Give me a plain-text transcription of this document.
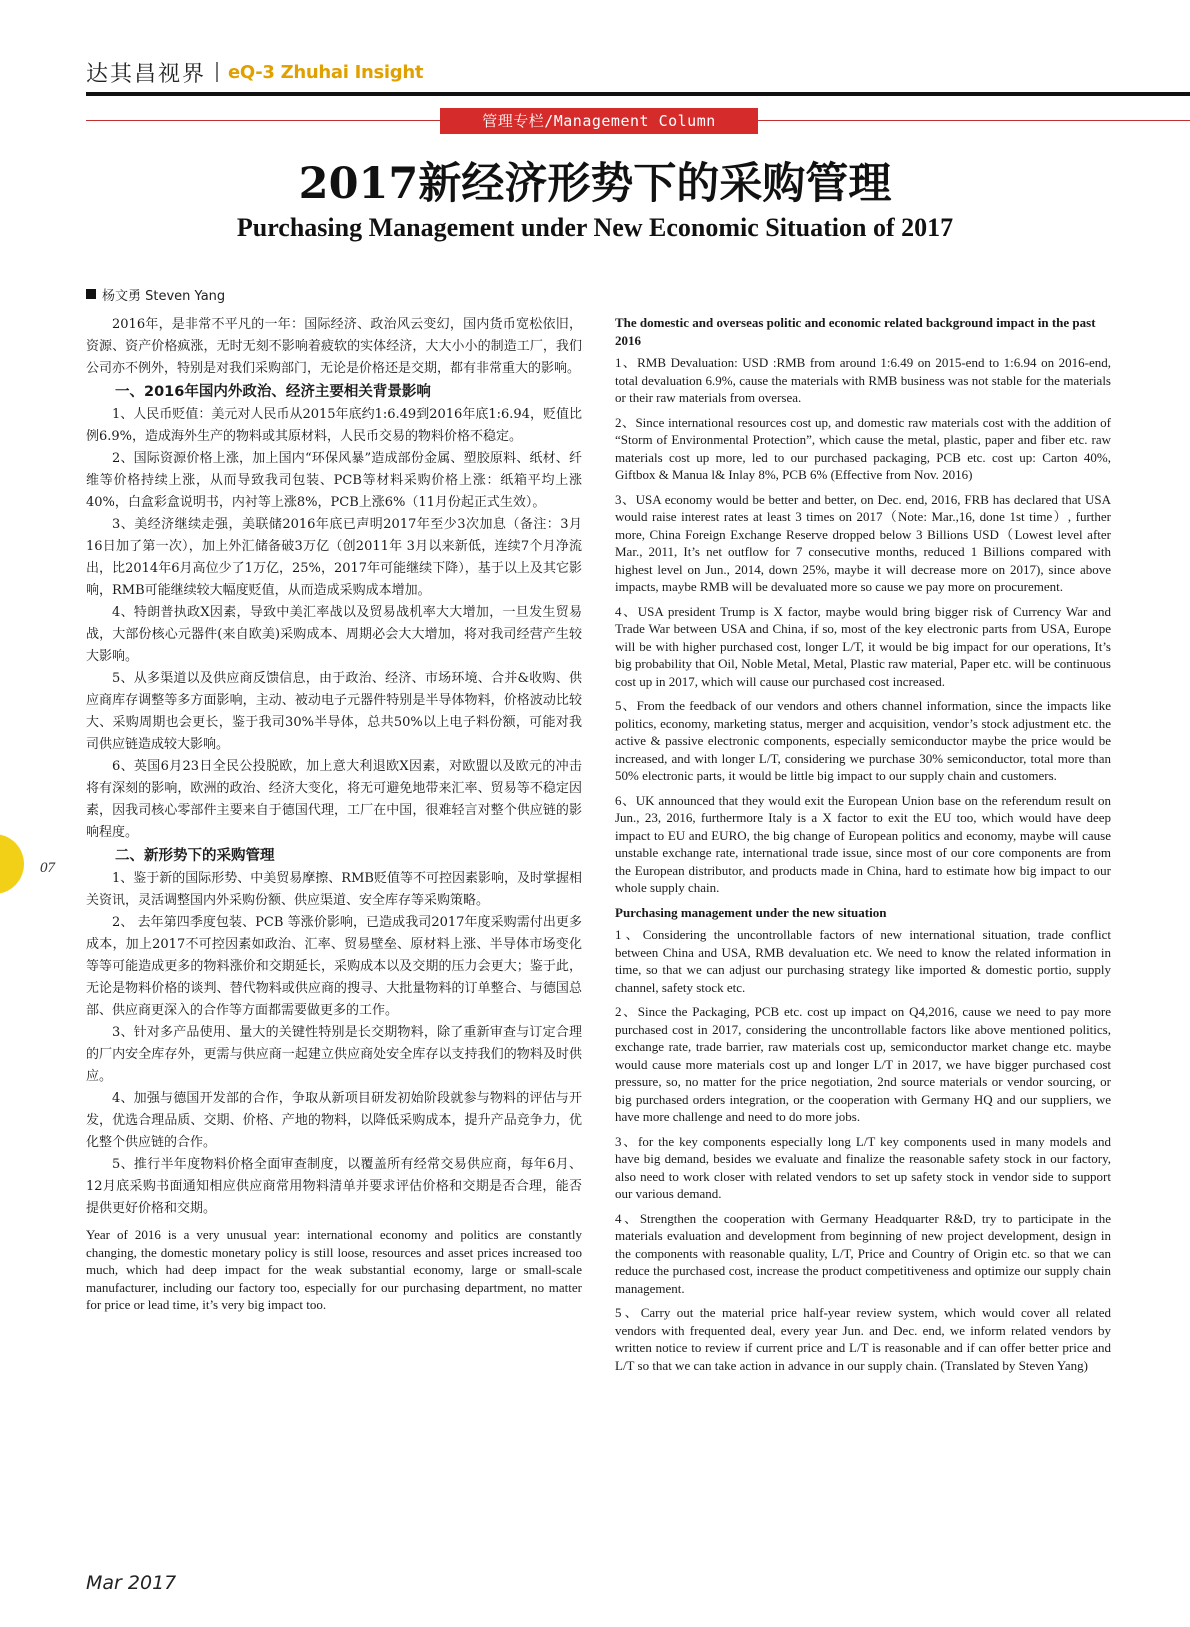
达其昌视界 eQ-3 Zhuhai Insight
管理专栏/Management Column
2017新经济形势下的采购管理
Purchasing Management under New Economic Situation of 2017
杨文勇 Steven Yang

2016年，是非常不平凡的一年：国际经济、政治风云变幻，国内货币宽松依旧，资源、资产价格疯涨，无时无刻不影响着疲软的实体经济，大大小小的制造工厂，我们公司亦不例外，特别是对我们采购部门，无论是价格还是交期，都有非常重大的影响。

一、2016年国内外政治、经济主要相关背景影响

1、人民币贬值：美元对人民币从2015年底约1:6.49到2016年底1:6.94，贬值比例6.9%，造成海外生产的物料或其原材料，人民币交易的物料价格不稳定。

2、国际资源价格上涨，加上国内“环保风暴”造成部份金属、塑胶原料、纸材、纤维等价格持续上涨，从而导致我司包装、PCB等材料采购价格上涨：纸箱平均上涨40%，白盒彩盒说明书，内衬等上涨8%，PCB上涨6%（11月份起正式生效）。

3、美经济继续走强，美联储2016年底已声明2017年至少3次加息（备注：3月16日加了第一次），加上外汇储备破3万亿（创2011年 3月以来新低，连续7个月净流出，比2014年6月高位少了1万亿，25%，2017年可能继续下降），基于以上及其它影响，RMB可能继续较大幅度贬值，从而造成采购成本增加。

4、特朗普执政X因素，导致中美汇率战以及贸易战机率大大增加，一旦发生贸易战，大部份核心元器件(来自欧美)采购成本、周期必会大大增加，将对我司经营产生较大影响。

5、从多渠道以及供应商反馈信息，由于政治、经济、市场环境、合并&收购、供应商库存调整等多方面影响，主动、被动电子元器件特别是半导体物料，价格波动比较大、采购周期也会更长，鉴于我司30%半导体，总共50%以上电子料份额，可能对我司供应链造成较大影响。

6、英国6月23日全民公投脱欧，加上意大利退欧X因素，对欧盟以及欧元的冲击将有深刻的影响，欧洲的政治、经济大变化，将无可避免地带来汇率、贸易等不稳定因素，因我司核心零部件主要来自于德国代理，工厂在中国，很难轻言对整个供应链的影响程度。

二、新形势下的采购管理

1、鉴于新的国际形势、中美贸易摩擦、RMB贬值等不可控因素影响，及时掌握相关资讯，灵活调整国内外采购份额、供应渠道、安全库存等采购策略。

2、 去年第四季度包装、PCB 等涨价影响，已造成我司2017年度采购需付出更多成本，加上2017不可控因素如政治、汇率、贸易壁垒、原材料上涨、半导体市场变化等等可能造成更多的物料涨价和交期延长，采购成本以及交期的压力会更大；鉴于此，无论是物料价格的谈判、替代物料或供应商的搜寻、大批量物料的订单整合、与德国总部、供应商更深入的合作等方面都需要做更多的工作。

3、针对多产品使用、量大的关键性特别是长交期物料，除了重新审查与订定合理的厂内安全库存外，更需与供应商一起建立供应商处安全库存以支持我们的物料及时供应。

4、加强与德国开发部的合作，争取从新项目研发初始阶段就参与物料的评估与开发，优选合理品质、交期、价格、产地的物料，以降低采购成本，提升产品竞争力，优化整个供应链的合作。

5、推行半年度物料价格全面审查制度，以覆盖所有经常交易供应商，每年6月、12月底采购书面通知相应供应商常用物料清单并要求评估价格和交期是否合理，能否提供更好价格和交期。

Year of 2016 is a very unusual year: international economy and politics are constantly changing, the domestic monetary policy is still loose, resources and asset prices increased too much, which had deep impact for the weak substantial economy, large or small-scale manufacturer, including our factory too, especially for our purchasing department, no matter for price or lead time, it’s very big impact too.

The domestic and overseas politic and economic related background impact in the past 2016

1、RMB Devaluation: USD :RMB from around 1:6.49 on 2015-end to 1:6.94 on 2016-end, total devaluation 6.9%, cause the materials with RMB business was not stable for the materials or their raw materials from oversea.

2、Since international resources cost up, and domestic raw materials cost with the addition of “Storm of Environmental Protection”, which cause the metal, plastic, paper and fiber etc. raw materials cost up more, led to our purchased packaging, PCB etc. cost up: Carton 40%, Giftbox & Manua l& Inlay 8%, PCB 6% (Effective from Nov. 2016)

3、USA economy would be better and better, on Dec. end, 2016, FRB has declared that USA would raise interest rates at least 3 times on 2017（Note: Mar.,16, done 1st time）, further more, China Foreign Exchange Reserve dropped below 3 Billions USD（Lowest level after Mar., 2011, It’s net outflow for 7 consecutive months, reduced 1 Billions compared with highest level on Jun., 2014, down 25%, maybe it will decrease more on 2017), since above impacts, maybe RMB will be devaluated more so cause we pay more on procurement.

4、USA president Trump is X factor, maybe would bring bigger risk of Currency War and Trade War between USA and China, if so, most of the key electronic parts from USA, Europe will be with higher purchased cost, longer L/T, it would be big impact for our operations, It’s big probability that Oil, Noble Metal, Metal, Plastic raw material, Paper etc. will be continuous cost up in 2017, which will cause our purchased cost increased.

5、From the feedback of our vendors and others channel information, since the impacts like politics, economy, marketing status, merger and acquisition, vendor’s stock adjustment etc. the active & passive electronic components, especially semiconductor maybe the price would be increased, and with longer L/T, considering we purchase 30% semiconductor, total more than 50% electronic parts, it would be little big impact to our supply chain and customers.

6、UK announced that they would exit the European Union base on the referendum result on Jun., 23, 2016, furthermore Italy is a X factor to exit the EU too, which would have deep impact to EU and EURO, the big change of European politics and economy, maybe will cause unstable exchange rate, international trade issue, since most of our core components are from the European distributor, and products made in China, hard to estimate how big impact to our whole supply chain.

Purchasing management under the new situation

1、Considering the uncontrollable factors of new international situation, trade conflict between China and USA, RMB devaluation etc. We need to know the related information in time, so that we can adjust our purchasing strategy like imported & domestic portio, supply channel, safety stock etc.

2、Since the Packaging, PCB etc. cost up impact on Q4,2016, cause we need to pay more purchased cost in 2017, considering the uncontrollable factors like above mentioned politics, exchange rate, trade barrier, raw materials cost up, semiconductor market change etc. maybe would cause more materials cost up and longer L/T in 2017, we have bigger purchased cost pressure, so, no matter for the price negotiation, 2nd source materials or vendor sourcing, or big purchased orders integration, or the cooperation with Germany HQ and our suppliers, we have more challenge and need to do more jobs.

3、for the key components especially long L/T key components used in many models and have big demand, besides we evaluate and finalize the reasonable safety stock in our factory, also need to work closer with related vendors to set up safety stock in vendor side to support our various demand.

4、Strengthen the cooperation with Germany Headquarter R&D, try to participate in the materials evaluation and development from beginning of new project development, design in the components with reasonable quality, L/T, Price and Country of Origin etc. so that we can reduce the purchased cost, increase the product competitiveness and optimize our supply chain management.

5、Carry out the material price half-year review system, which would cover all related vendors with frequented deal, every year Jun. and Dec. end, we inform related vendors by written notice to review if current price and L/T is reasonable and if can offer better price and L/T so that we can take action in advance in our supply chain. (Translated by Steven Yang)

07
Mar 2017
